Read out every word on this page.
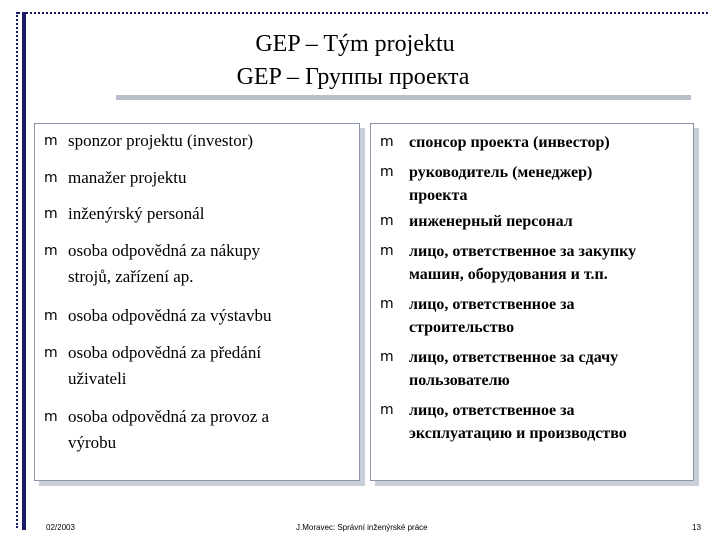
GEP – Tým projektu
GEP – Группы проекта
m sponzor projektu (investor)
m manažer projektu
m inženýrský personál
m osoba odpovědná za nákupy
strojů, zařízení ap.
m osoba odpovědná za výstavbu
m osoba odpovědná za předání
uživateli
m osoba odpovědná za provoz a
výrobu
m спонсор проекта (инвестор)
m руководитель (менеджер)
проекта
m инженерный персонал
m лицо, ответственное за закупку
машин, оборудования и т.п.
m лицо, ответственное за
строительство
m лицо, ответственное за сдачу
пользователю
m лицо, ответственное за
эксплуатацию и производство
02/2003	J.Moravec: Správní inženýrské práce	13
